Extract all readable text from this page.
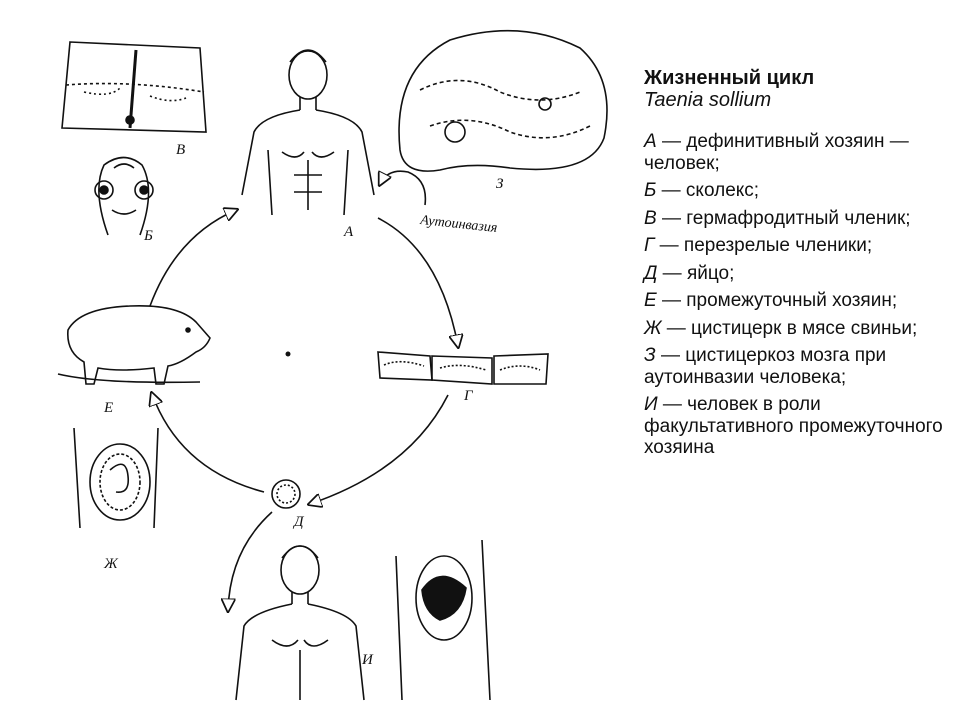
А
Б
В
З
Г
Д
Е
Ж
И
Аутоинвазия
Жизненный цикл
Taenia sollium
А — дефинитивный хозяин — человек;
Б — сколекс;
В — гермафродитный членик;
Г — перезрелые членики;
Д — яйцо;
Е — промежуточный хозяин;
Ж — цистицерк в мясе свиньи;
З — цистицеркоз мозга при аутоинвазии человека;
И — человек в роли факультативного промежуточного хозяина
